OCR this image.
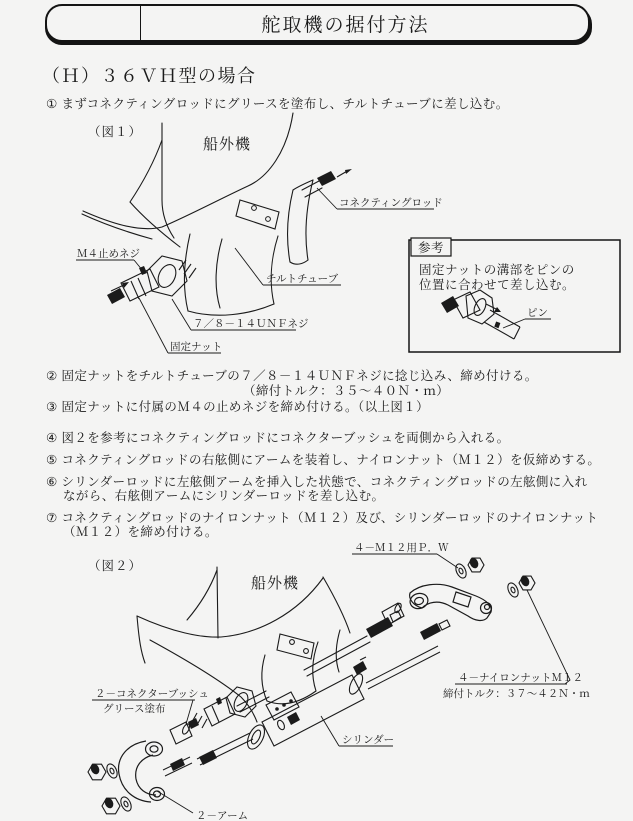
舵取機の据付方法
（Ｈ）３６ＶＨ型の場合
① まずコネクティングロッドにグリースを塗布し、チルトチューブに差し込む。
② 固定ナットをチルトチューブの７／８－１４ＵＮＦネジに捻じ込み、締め付ける。
（締付トルク：３５～４０Ｎ・ｍ）
③ 固定ナットに付属のＭ４の止めネジを締め付ける。（以上図１）
④ 図２を参考にコネクティングロッドにコネクターブッシュを両側から入れる。
⑤ コネクティングロッドの右舷側にアームを装着し、ナイロンナット（Ｍ１２）を仮締めする。
⑥ シリンダーロッドに左舷側アームを挿入した状態で、コネクティングロッドの左舷側に入れ
ながら、右舷側アームにシリンダーロッドを差し込む。
⑦ コネクティングロッドのナイロンナット（Ｍ１２）及び、シリンダーロッドのナイロンナット
（Ｍ１２）を締め付ける。
（図１）
船外機
コネクティングロッド
Ｍ４止めネジ
チルトチューブ
７／８－１４ＵＮＦネジ
固定ナット
参考
固定ナットの溝部をピンの
位置に合わせて差し込む。
ピン
（図２）
船外機
４－Ｍ１２用Ｐ．Ｗ
４－ナイロンナットＭ１２
締付トルク：３７～４２Ｎ・ｍ
２－コネクターブッシュ
グリース塗布
シリンダー
２－アーム
